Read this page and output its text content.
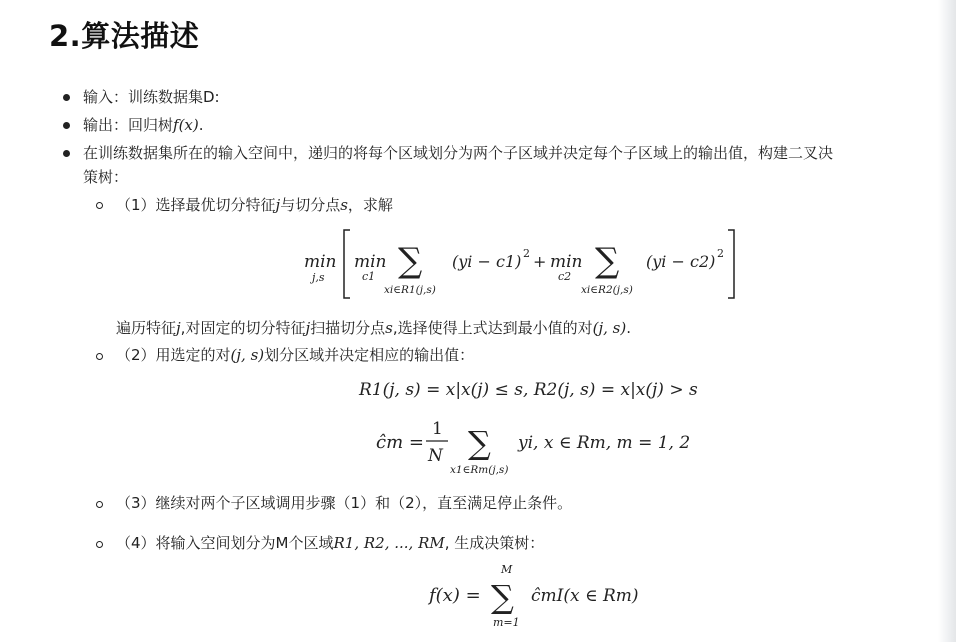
2.算法描述
输入：训练数据集D:
输出：回归树f(x).
在训练数据集所在的输入空间中，递归的将每个区域划分为两个子区域并决定每个子区域上的输出值，构建二叉决
策树：
（1）选择最优切分特征j与切分点s，求解
min
j,s
min
c1 ∑
xi∈R1(j,s)
(yi − c1) 2 + min
c2 ∑
xi∈R2(j,s)
(yi − c2) 2
遍历特征j,对固定的切分特征j扫描切分点s,选择使得上式达到最小值的对(j, s).
（2）用选定的对(j, s)划分区域并决定相应的输出值：
R1(j, s) = x|x(j) ≤ s, R2(j, s) = x|x(j) > s
ĉm =
1
N ∑
x1∈Rm(j,s)
yi, x ∈ Rm, m = 1, 2
（3）继续对两个子区域调用步骤（1）和（2），直至满足停止条件。
（4）将输入空间划分为M个区域R1, R2, ..., RM, 生成决策树：
f(x) =
M
∑
m=1
ĉmI(x ∈ Rm)
